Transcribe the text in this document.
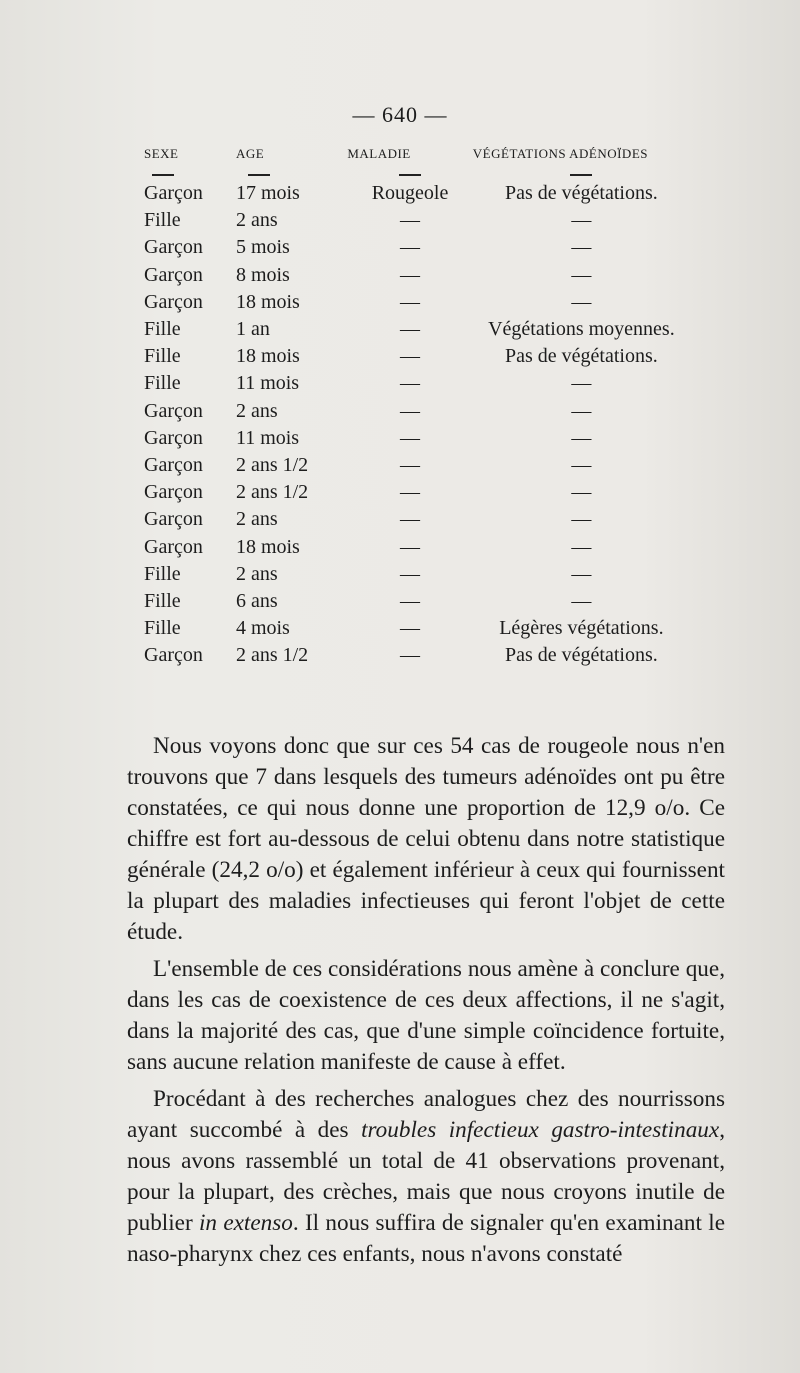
— 640 —
SEXE	AGE	MALADIE	VÉGÉTATIONS ADÉNOÏDES

Garçon	17 mois	Rougeole	Pas de végétations.
Fille	2 ans	—	—
Garçon	5 mois	—	—
Garçon	8 mois	—	—
Garçon	18 mois	—	—
Fille	1 an	—	Végétations moyennes.
Fille	18 mois	—	Pas de végétations.
Fille	11 mois	—	—
Garçon	2 ans	—	—
Garçon	11 mois	—	—
Garçon	2 ans 1/2	—	—
Garçon	2 ans 1/2	—	—
Garçon	2 ans	—	—
Garçon	18 mois	—	—
Fille	2 ans	—	—
Fille	6 ans	—	—
Fille	4 mois	—	Légères végétations.
Garçon	2 ans 1/2	—	Pas de végétations.

Nous voyons donc que sur ces 54 cas de rougeole nous n'en trouvons que 7 dans lesquels des tumeurs adénoïdes ont pu être constatées, ce qui nous donne une proportion de 12,9 o/o. Ce chiffre est fort au-dessous de celui obtenu dans notre statistique générale (24,2 o/o) et également inférieur à ceux qui fournissent la plupart des maladies infectieuses qui feront l'objet de cette étude.

L'ensemble de ces considérations nous amène à conclure que, dans les cas de coexistence de ces deux affections, il ne s'agit, dans la majorité des cas, que d'une simple coïncidence fortuite, sans aucune relation manifeste de cause à effet.

Procédant à des recherches analogues chez des nourrissons ayant succombé à des troubles infectieux gastro-intestinaux, nous avons rassemblé un total de 41 observations provenant, pour la plupart, des crèches, mais que nous croyons inutile de publier in extenso. Il nous suffira de signaler qu'en examinant le naso-pharynx chez ces enfants, nous n'avons constaté
